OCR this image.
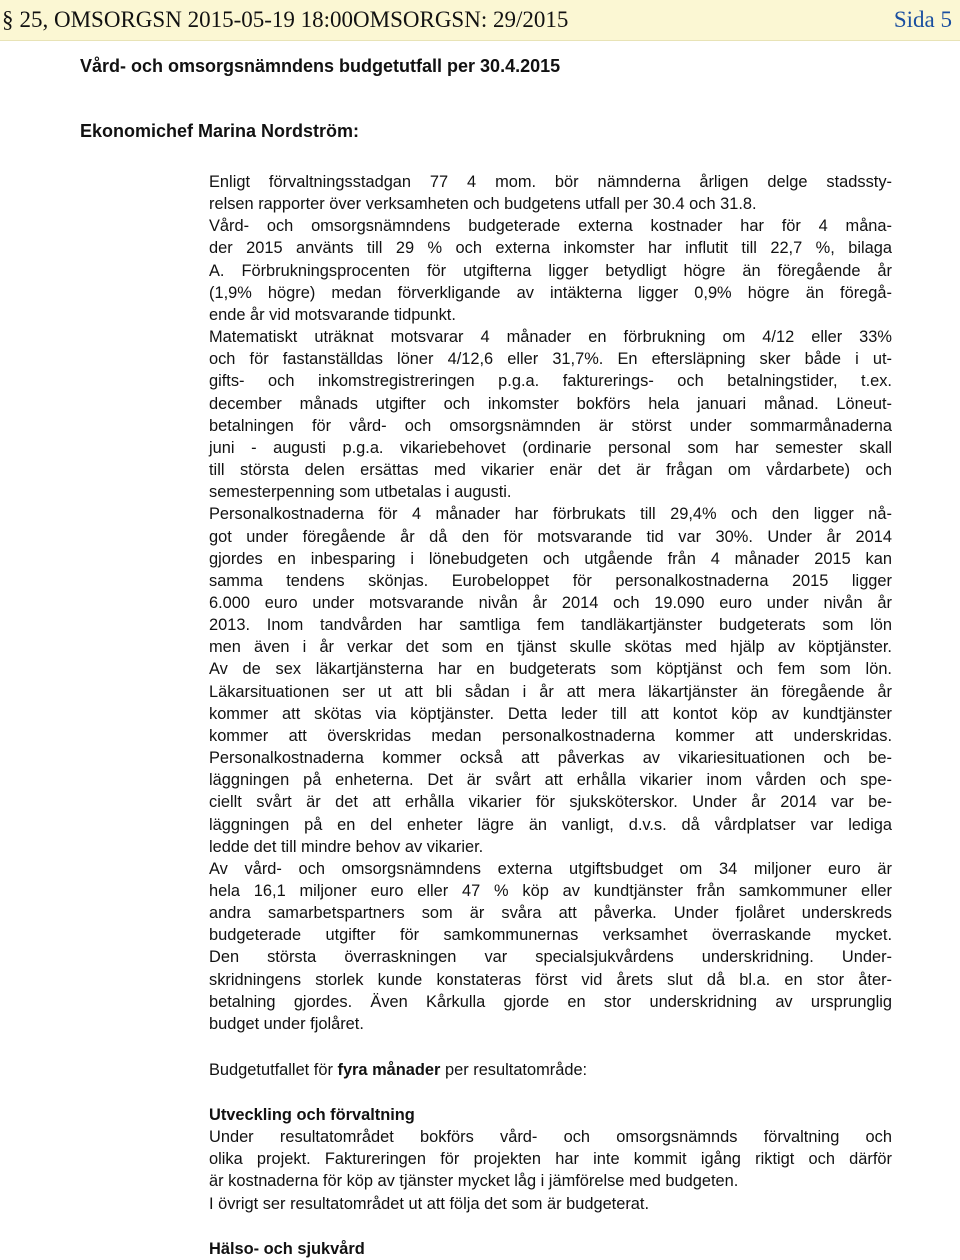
§ 25, OMSORGSN 2015-05-19 18:00OMSORGSN: 29/2015	Sida 5
Vård- och omsorgsnämndens budgetutfall per 30.4.2015
Ekonomichef Marina Nordström:
Enligt förvaltningsstadgan 77 4 mom. bör nämnderna årligen delge stadssty-
relsen rapporter över verksamheten och budgetens utfall per 30.4 och 31.8.
Vård- och omsorgsnämndens budgeterade externa kostnader har för 4 måna-
der 2015 använts till 29 % och externa inkomster har influtit till 22,7 %, bilaga
A. Förbrukningsprocenten för utgifterna ligger betydligt högre än föregående år
(1,9% högre) medan förverkligande av intäkterna ligger 0,9% högre än föregå-
ende år vid motsvarande tidpunkt.
Matematiskt uträknat motsvarar 4 månader en förbrukning om 4/12 eller 33%
och för fastanställdas löner 4/12,6 eller 31,7%. En eftersläpning sker både i ut-
gifts- och inkomstregistreringen p.g.a. fakturerings- och betalningstider, t.ex.
december månads utgifter och inkomster bokförs hela januari månad. Löneut-
betalningen för vård- och omsorgsnämnden är störst under sommarmånaderna
juni - augusti p.g.a. vikariebehovet (ordinarie personal som har semester skall
till största delen ersättas med vikarier enär det är frågan om vårdarbete) och
semesterpenning som utbetalas i augusti.
Personalkostnaderna för 4 månader har förbrukats till 29,4% och den ligger nå-
got under föregående år då den för motsvarande tid var 30%. Under år 2014
gjordes en inbesparing i lönebudgeten och utgående från 4 månader 2015 kan
samma tendens skönjas. Eurobeloppet för personalkostnaderna 2015 ligger
6.000 euro under motsvarande nivån år 2014 och 19.090 euro under nivån år
2013. Inom tandvården har samtliga fem tandläkartjänster budgeterats som lön
men även i år verkar det som en tjänst skulle skötas med hjälp av köptjänster.
Av de sex läkartjänsterna har en budgeterats som köptjänst och fem som lön.
Läkarsituationen ser ut att bli sådan i år att mera läkartjänster än föregående år
kommer att skötas via köptjänster. Detta leder till att kontot köp av kundtjänster
kommer att överskridas medan personalkostnaderna kommer att underskridas.
Personalkostnaderna kommer också att påverkas av vikariesituationen och be-
läggningen på enheterna. Det är svårt att erhålla vikarier inom vården och spe-
ciellt svårt är det att erhålla vikarier för sjuksköterskor. Under år 2014 var be-
läggningen på en del enheter lägre än vanligt, d.v.s. då vårdplatser var lediga
ledde det till mindre behov av vikarier.
Av vård- och omsorgsnämndens externa utgiftsbudget om 34 miljoner euro är
hela 16,1 miljoner euro eller 47 % köp av kundtjänster från samkommuner eller
andra samarbetspartners som är svåra att påverka. Under fjolåret underskreds
budgeterade utgifter för samkommunernas verksamhet överraskande mycket.
Den största överraskningen var specialsjukvårdens underskridning. Under-
skridningens storlek kunde konstateras först vid årets slut då bl.a. en stor åter-
betalning gjordes. Även Kårkulla gjorde en stor underskridning av ursprunglig
budget under fjolåret.
Budgetutfallet för fyra månader per resultatområde:
Utveckling och förvaltning
Under resultatområdet bokförs vård- och omsorgsnämnds förvaltning och
olika projekt. Faktureringen för projekten har inte kommit igång riktigt och därför
är kostnaderna för köp av tjänster mycket låg i jämförelse med budgeten.
I övrigt ser resultatområdet ut att följa det som är budgeterat.
Hälso- och sjukvård
